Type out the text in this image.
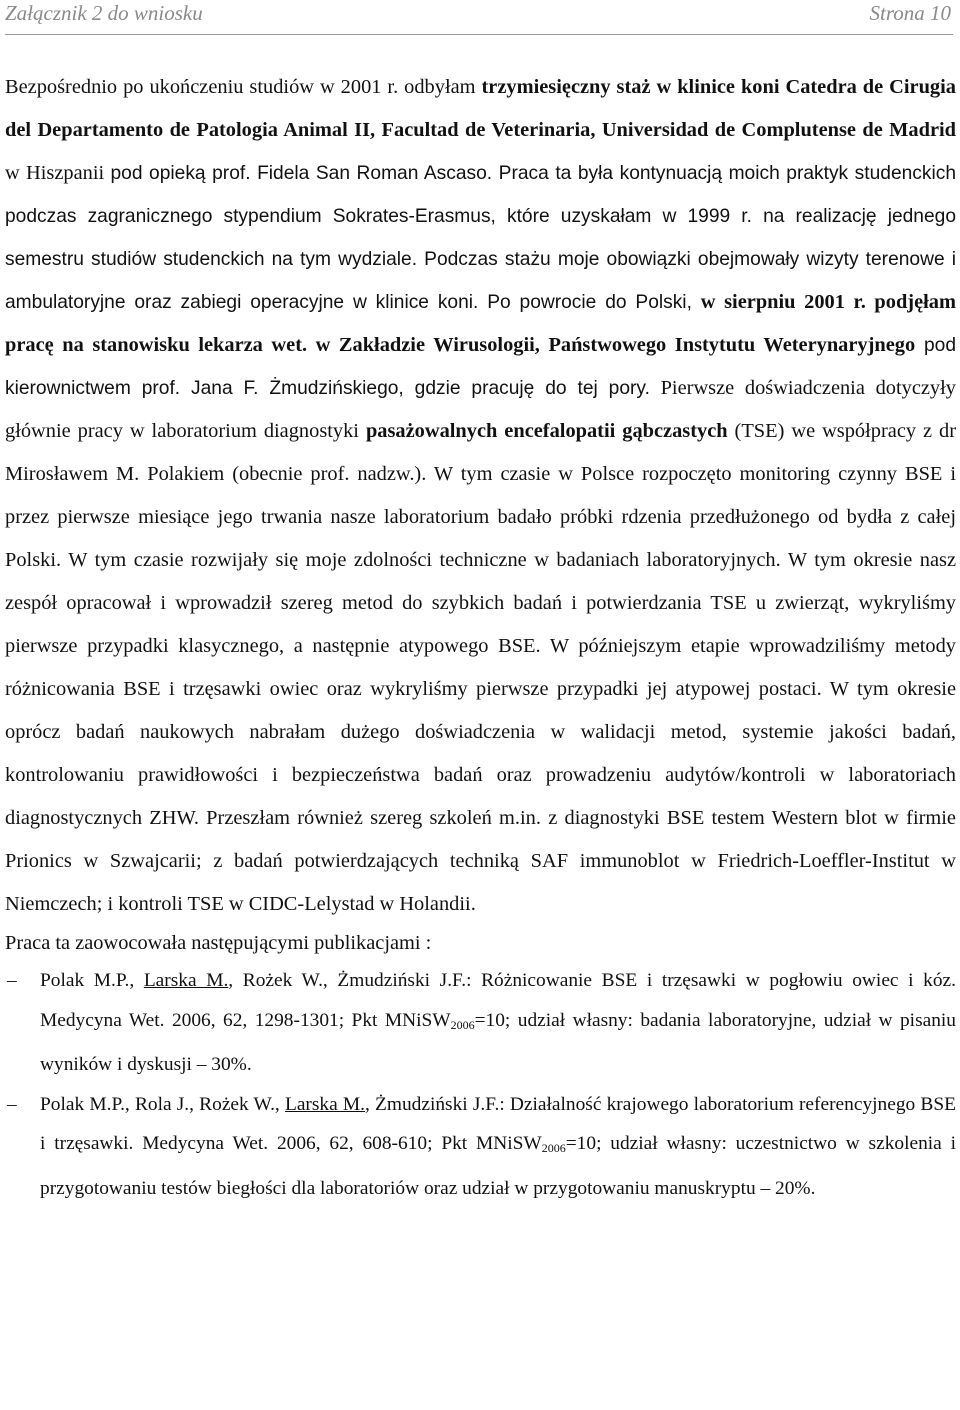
Załącznik 2 do wniosku	Strona 10

Bezpośrednio po ukończeniu studiów w 2001 r. odbyłam trzymiesięczny staż w klinice koni Catedra de Cirugia del Departamento de Patologia Animal II, Facultad de Veterinaria, Universidad de Complutense de Madrid w Hiszpanii pod opieką prof. Fidela San Roman Ascaso. Praca ta była kontynuacją moich praktyk studenckich podczas zagranicznego stypendium Sokrates-Erasmus, które uzyskałam w 1999 r. na realizację jednego semestru studiów studenckich na tym wydziale. Podczas stażu moje obowiązki obejmowały wizyty terenowe i ambulatoryjne oraz zabiegi operacyjne w klinice koni. Po powrocie do Polski, w sierpniu 2001 r. podjęłam pracę na stanowisku lekarza wet. w Zakładzie Wirusologii, Państwowego Instytutu Weterynaryjnego pod kierownictwem prof. Jana F. Żmudzińskiego, gdzie pracuję do tej pory. Pierwsze doświadczenia dotyczyły głównie pracy w laboratorium diagnostyki pasażowalnych encefalopatii gąbczastych (TSE) we współpracy z dr Mirosławem M. Polakiem (obecnie prof. nadzw.). W tym czasie w Polsce rozpoczęto monitoring czynny BSE i przez pierwsze miesiące jego trwania nasze laboratorium badało próbki rdzenia przedłużonego od bydła z całej Polski. W tym czasie rozwijały się moje zdolności techniczne w badaniach laboratoryjnych. W tym okresie nasz zespół opracował i wprowadził szereg metod do szybkich badań i potwierdzania TSE u zwierząt, wykryliśmy pierwsze przypadki klasycznego, a następnie atypowego BSE. W późniejszym etapie wprowadziliśmy metody różnicowania BSE i trzęsawki owiec oraz wykryliśmy pierwsze przypadki jej atypowej postaci. W tym okresie oprócz badań naukowych nabrałam dużego doświadczenia w walidacji metod, systemie jakości badań, kontrolowaniu prawidłowości i bezpieczeństwa badań oraz prowadzeniu audytów/kontroli w laboratoriach diagnostycznych ZHW. Przeszłam również szereg szkoleń m.in. z diagnostyki BSE testem Western blot w firmie Prionics w Szwajcarii; z badań potwierdzających techniką SAF immunoblot w Friedrich-Loeffler-Institut w Niemczech; i kontroli TSE w CIDC-Lelystad w Holandii.

Praca ta zaowocowała następującymi publikacjami :

–	Polak M.P., Larska M., Rożek W., Żmudziński J.F.: Różnicowanie BSE i trzęsawki w pogłowiu owiec i kóz. Medycyna Wet. 2006, 62, 1298-1301; Pkt MNiSW$_{2006}$=10; udział własny: badania laboratoryjne, udział w pisaniu wyników i dyskusji – 30%.
–	Polak M.P., Rola J., Rożek W., Larska M., Żmudziński J.F.: Działalność krajowego laboratorium referencyjnego BSE i trzęsawki. Medycyna Wet. 2006, 62, 608-610; Pkt MNiSW$_{2006}$=10; udział własny: uczestnictwo w szkolenia i przygotowaniu testów biegłości dla laboratoriów oraz udział w przygotowaniu manuskryptu – 20%.
